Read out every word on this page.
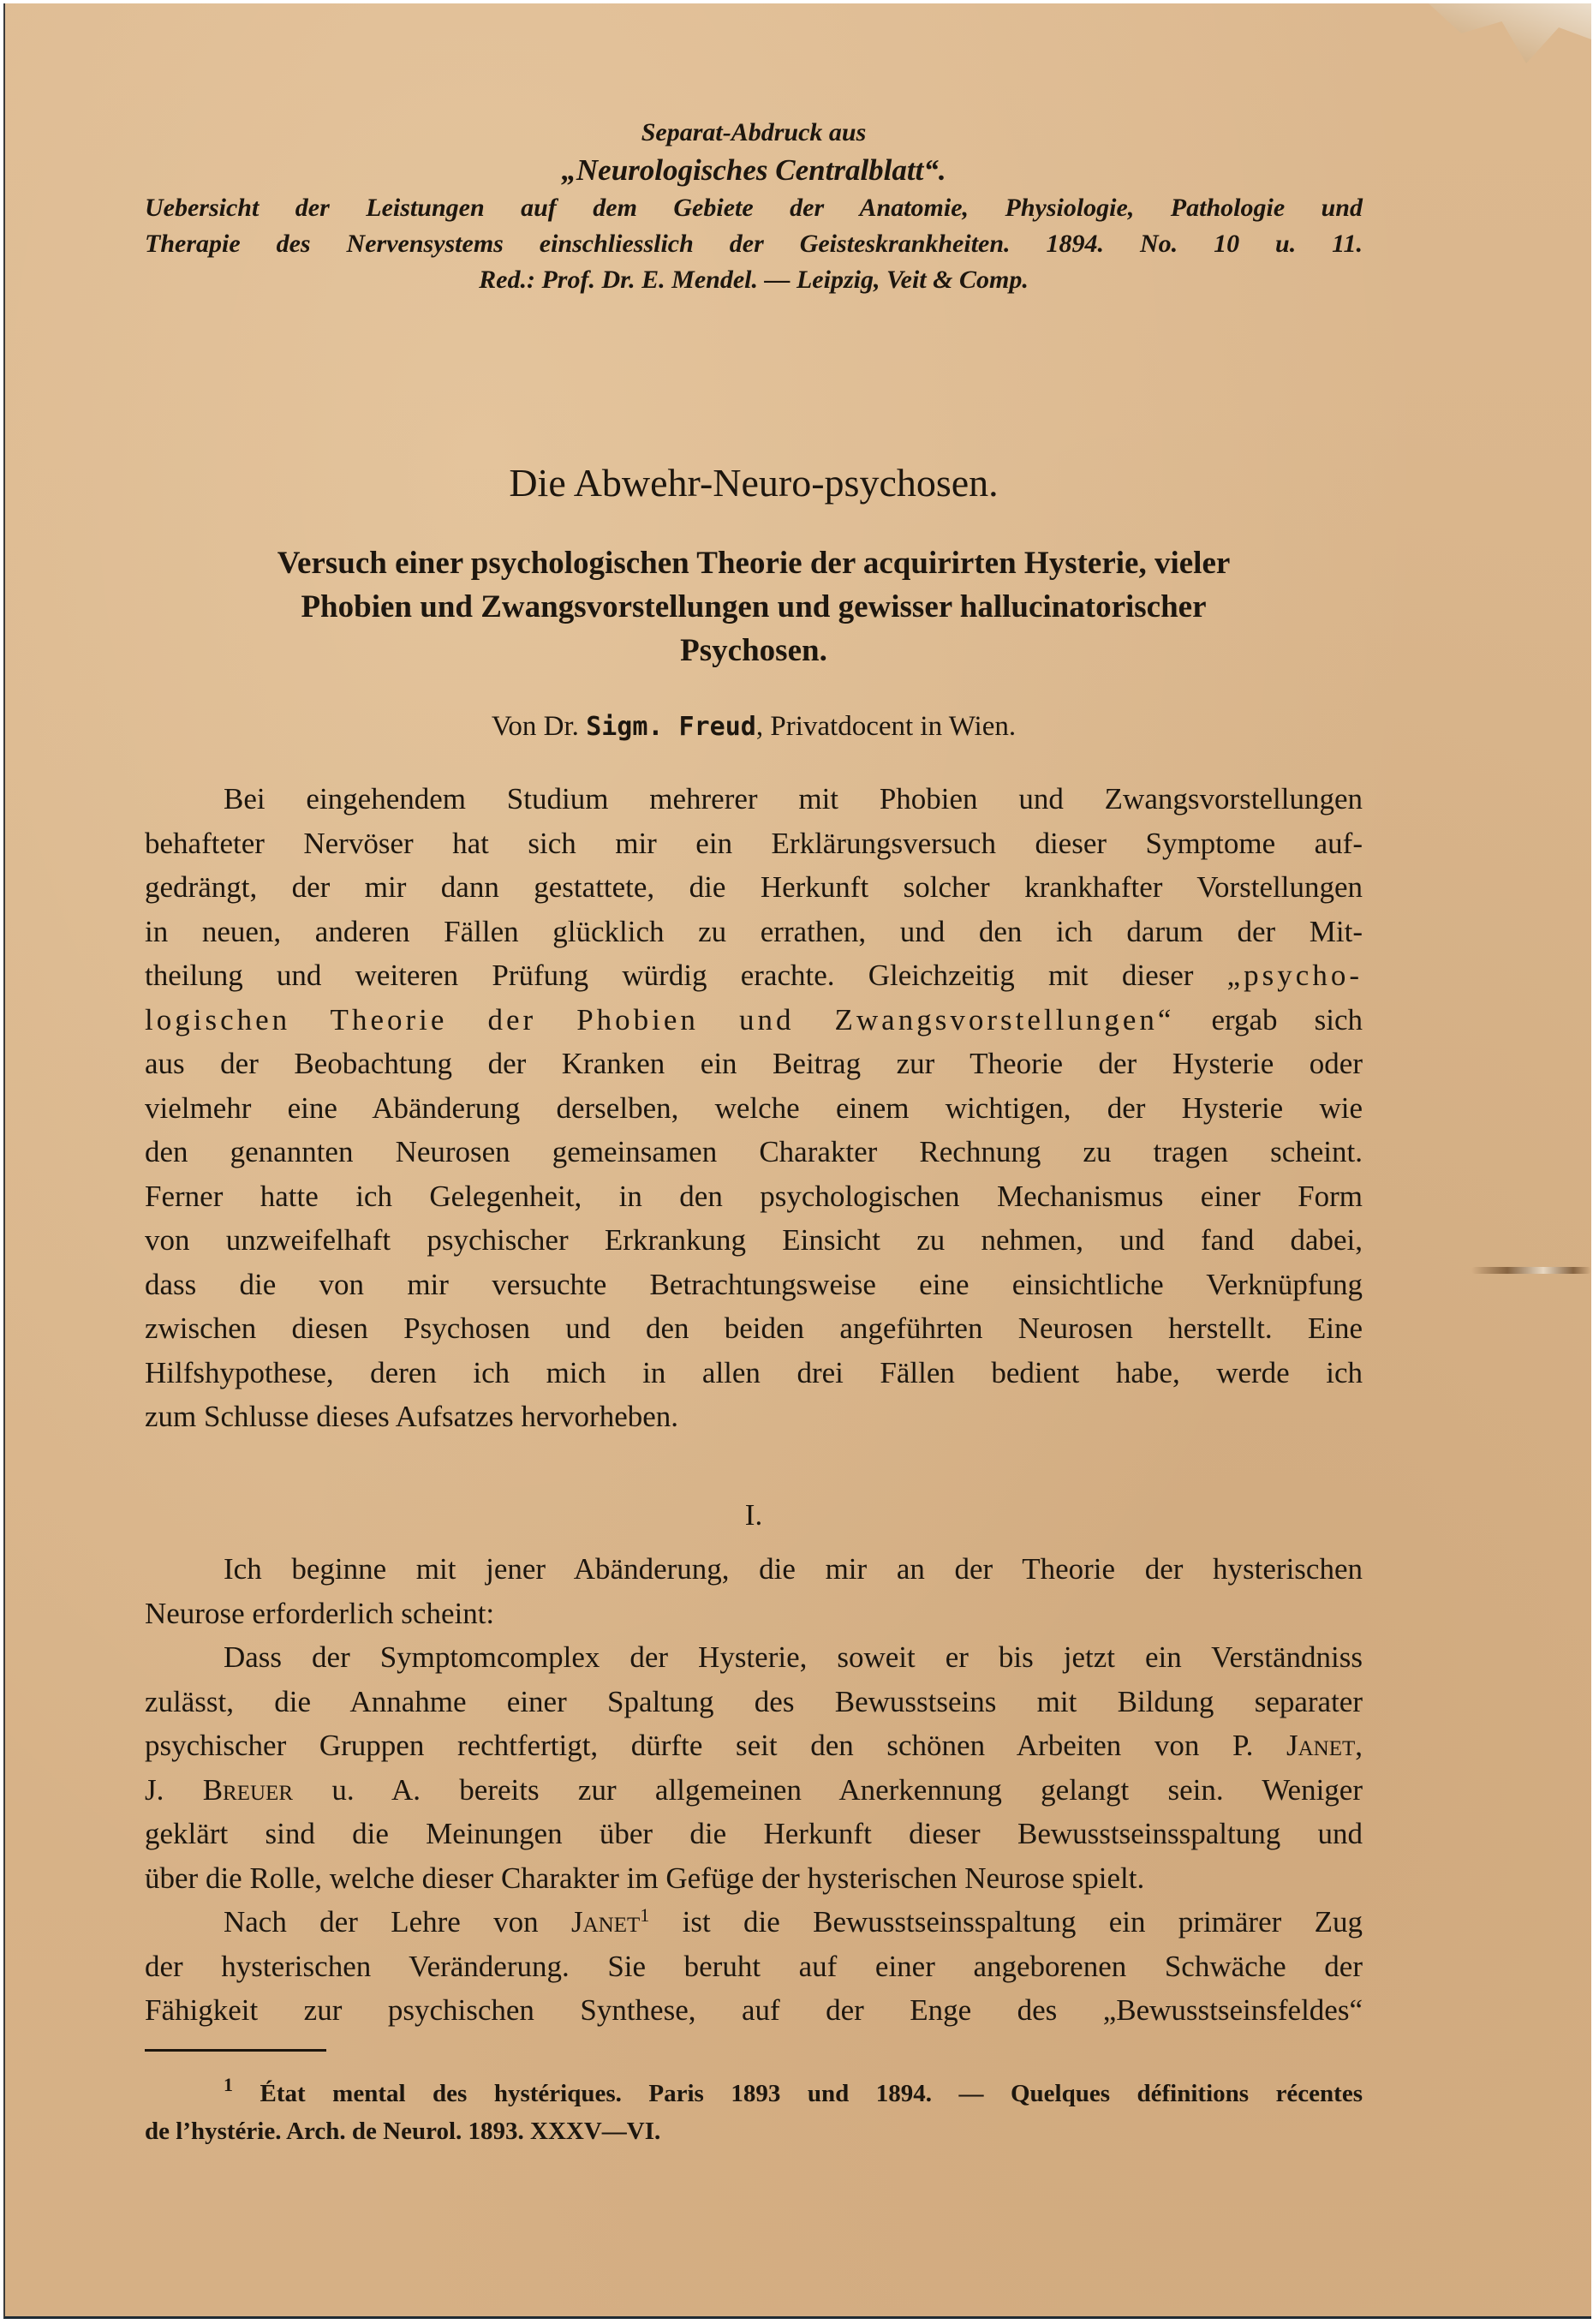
Separat-Abdruck aus
„Neurologisches Centralblatt“.
Uebersicht der Leistungen auf dem Gebiete der Anatomie, Physiologie, Pathologie und
Therapie des Nervensystems einschliesslich der Geisteskrankheiten. 1894. No. 10 u. 11.
Red.: Prof. Dr. E. Mendel. — Leipzig, Veit & Comp.
Die Abwehr-Neuro-psychosen.
Versuch einer psychologischen Theorie der acquirirten Hysterie, vieler
Phobien und Zwangsvorstellungen und gewisser hallucinatorischer
Psychosen.
Von Dr. Sigm. Freud, Privatdocent in Wien.
Bei eingehendem Studium mehrerer mit Phobien und Zwangsvorstellungen
behafteter Nervöser hat sich mir ein Erklärungsversuch dieser Symptome auf-
gedrängt, der mir dann gestattete, die Herkunft solcher krankhafter Vorstellungen
in neuen, anderen Fällen glücklich zu errathen, und den ich darum der Mit-
theilung und weiteren Prüfung würdig erachte. Gleichzeitig mit dieser „psycho-
logischen Theorie der Phobien und Zwangsvorstellungen“ ergab sich
aus der Beobachtung der Kranken ein Beitrag zur Theorie der Hysterie oder
vielmehr eine Abänderung derselben, welche einem wichtigen, der Hysterie wie
den genannten Neurosen gemeinsamen Charakter Rechnung zu tragen scheint.
Ferner hatte ich Gelegenheit, in den psychologischen Mechanismus einer Form
von unzweifelhaft psychischer Erkrankung Einsicht zu nehmen, und fand dabei,
dass die von mir versuchte Betrachtungsweise eine einsichtliche Verknüpfung
zwischen diesen Psychosen und den beiden angeführten Neurosen herstellt. Eine
Hilfshypothese, deren ich mich in allen drei Fällen bedient habe, werde ich
zum Schlusse dieses Aufsatzes hervorheben.
I.
Ich beginne mit jener Abänderung, die mir an der Theorie der hysterischen
Neurose erforderlich scheint:
Dass der Symptomcomplex der Hysterie, soweit er bis jetzt ein Verständniss
zulässt, die Annahme einer Spaltung des Bewusstseins mit Bildung separater
psychischer Gruppen rechtfertigt, dürfte seit den schönen Arbeiten von P. Janet,
J. Breuer u. A. bereits zur allgemeinen Anerkennung gelangt sein. Weniger
geklärt sind die Meinungen über die Herkunft dieser Bewusstseinsspaltung und
über die Rolle, welche dieser Charakter im Gefüge der hysterischen Neurose spielt.
Nach der Lehre von Janet$^1$ ist die Bewusstseinsspaltung ein primärer Zug
der hysterischen Veränderung. Sie beruht auf einer angeborenen Schwäche der
Fähigkeit zur psychischen Synthese, auf der Enge des „Bewusstseinsfeldes“
$^1$ État mental des hystériques. Paris 1893 und 1894. — Quelques définitions récentes
de l’hystérie. Arch. de Neurol. 1893. XXXV—VI.
